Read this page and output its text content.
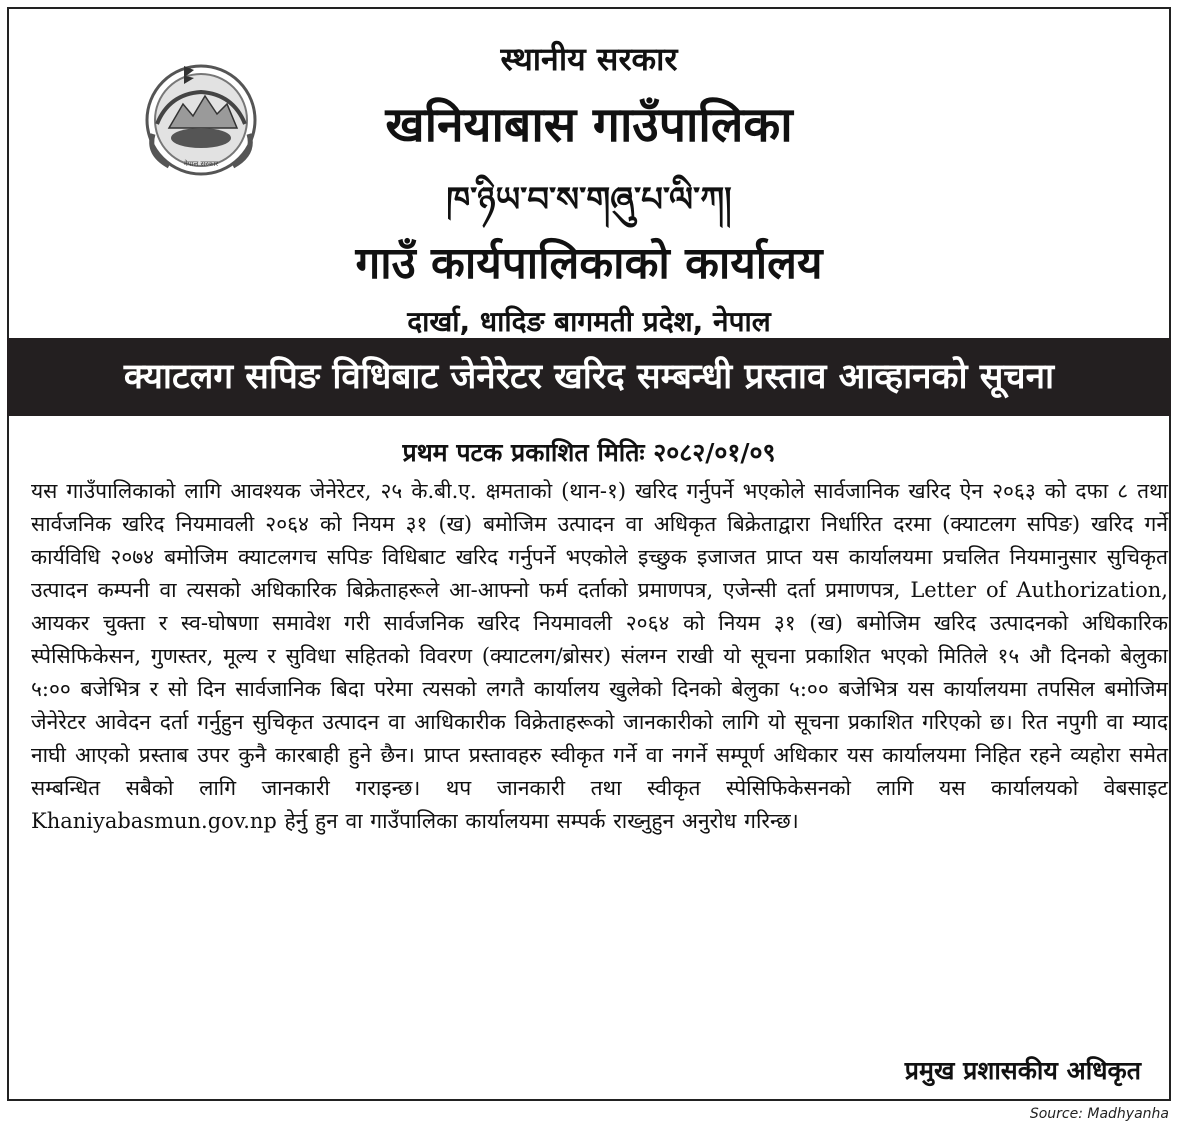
नेपाल सरकार
स्थानीय सरकार
खनियाबास गाउँपालिका
ཁ་ཉིཡ་བ་ས་གཞུ་པ་ལི་ཀ།
गाउँ कार्यपालिकाको कार्यालय
दार्खा, धादिङ बागमती प्रदेश, नेपाल
प्रथम पटक प्रकाशित मितिः २०८२/०१/०९
यस गाउँपालिकाको लागि आवश्यक जेनेरेटर, २५ के.बी.ए. क्षमताको (थान-१) खरिद गर्नुपर्ने भएकोले सार्वजानिक खरिद ऐन २०६३ को दफा ८ तथा सार्वजनिक खरिद नियमावली २०६४ को नियम ३१ (ख) बमोजिम उत्पादन वा अधिकृत बिक्रेताद्वारा निर्धारित दरमा (क्याटलग सपिङ) खरिद गर्ने कार्यविधि २०७४ बमोजिम क्याटलगच सपिङ विधिबाट खरिद गर्नुपर्ने भएकोले इच्छुक इजाजत प्राप्त यस कार्यालयमा प्रचलित नियमानुसार सुचिकृत उत्पादन कम्पनी वा त्यसको अधिकारिक बिक्रेताहरूले आ-आफ्नो फर्म दर्ताको प्रमाणपत्र, एजेन्सी दर्ता प्रमाणपत्र, Letter of Authorization, आयकर चुक्ता र स्व-घोषणा समावेश गरी सार्वजनिक खरिद नियमावली २०६४ को नियम ३१ (ख) बमोजिम खरिद उत्पादनको अधिकारिक स्पेसिफिकेसन, गुणस्तर, मूल्य र सुविधा सहितको विवरण (क्याटलग/ब्रोसर) संलग्न राखी यो सूचना प्रकाशित भएको मितिले १५ औ दिनको बेलुका ५:०० बजेभित्र र सो दिन सार्वजानिक बिदा परेमा त्यसको लगतै कार्यालय खुलेको दिनको बेलुका ५:०० बजेभित्र यस कार्यालयमा तपसिल बमोजिम जेनेरेटर आवेदन दर्ता गर्नुहुन सुचिकृत उत्पादन वा आधिकारीक विक्रेताहरूको जानकारीको लागि यो सूचना प्रकाशित गरिएको छ। रित नपुगी वा म्याद नाघी आएको प्रस्ताब उपर कुनै कारबाही हुने छैन। प्राप्त प्रस्तावहरु स्वीकृत गर्ने वा नगर्ने सम्पूर्ण अधिकार यस कार्यालयमा निहित रहने व्यहोरा समेत सम्बन्धित सबैको लागि जानकारी गराइन्छ। थप जानकारी तथा स्वीकृत स्पेसिफिकेसनको लागि यस कार्यालयको वेबसाइट Khaniyabasmun.gov.np हेर्नु हुन वा गाउँपालिका कार्यालयमा सम्पर्क राख्नुहुन अनुरोध गरिन्छ।
प्रमुख प्रशासकीय अधिकृत
क्याटलग सपिङ विधिबाट जेनेरेटर खरिद सम्बन्धी प्रस्ताव आव्हानको सूचना
Source: Madhyanha
